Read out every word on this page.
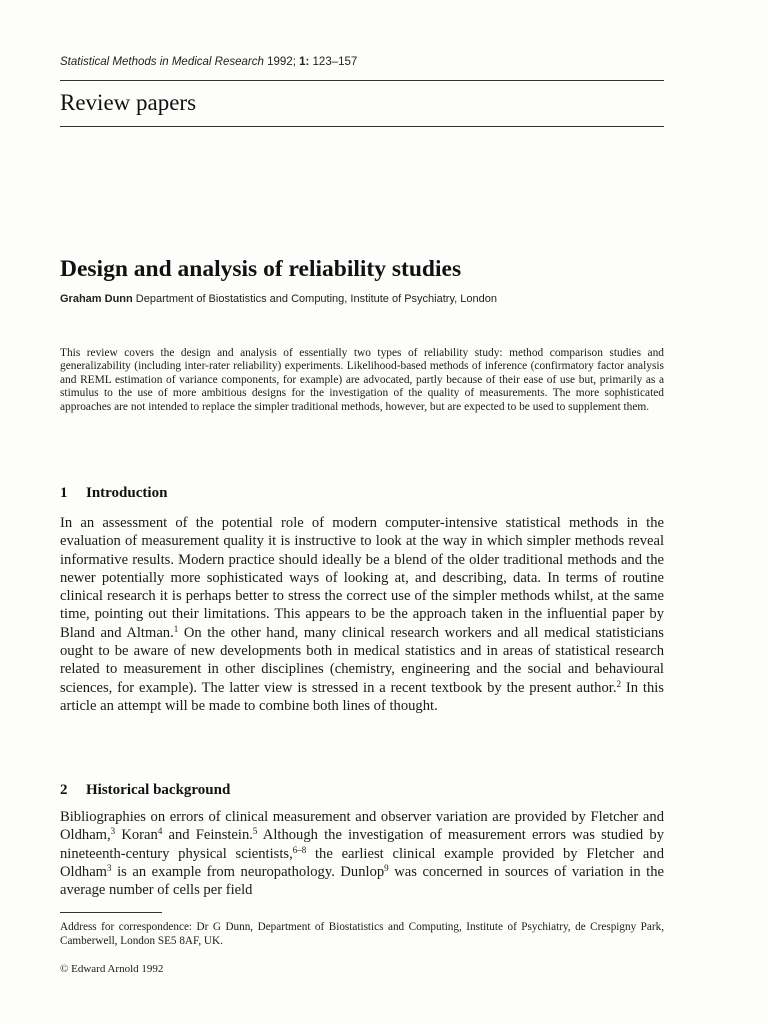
Statistical Methods in Medical Research 1992; 1: 123–157
Review papers
Design and analysis of reliability studies
Graham Dunn Department of Biostatistics and Computing, Institute of Psychiatry, London

This review covers the design and analysis of essentially two types of reliability study: method comparison studies and generalizability (including inter-rater reliability) experiments. Likelihood-based methods of inference (confirmatory factor analysis and REML estimation of variance components, for example) are advocated, partly because of their ease of use but, primarily as a stimulus to the use of more ambitious designs for the investigation of the quality of measurements. The more sophisticated approaches are not intended to replace the simpler traditional methods, however, but are expected to be used to supplement them.

1 Introduction

In an assessment of the potential role of modern computer-intensive statistical methods in the evaluation of measurement quality it is instructive to look at the way in which simpler methods reveal informative results. Modern practice should ideally be a blend of the older traditional methods and the newer potentially more sophisticated ways of looking at, and describing, data. In terms of routine clinical research it is perhaps better to stress the correct use of the simpler methods whilst, at the same time, pointing out their limitations. This appears to be the approach taken in the influential paper by Bland and Altman.$^1$ On the other hand, many clinical research workers and all medical statisticians ought to be aware of new developments both in medical statistics and in areas of statistical research related to measurement in other disciplines (chemistry, engineering and the social and behavioural sciences, for example). The latter view is stressed in a recent textbook by the present author.$^2$ In this article an attempt will be made to combine both lines of thought.

2 Historical background

Bibliographies on errors of clinical measurement and observer variation are provided by Fletcher and Oldham,$^3$ Koran$^4$ and Feinstein.$^5$ Although the investigation of measurement errors was studied by nineteenth-century physical scientists,$^{6-8}$ the earliest clinical example provided by Fletcher and Oldham$^3$ is an example from neuropathology. Dunlop$^9$ was concerned in sources of variation in the average number of cells per field

Address for correspondence: Dr G Dunn, Department of Biostatistics and Computing, Institute of Psychiatry, de Crespigny Park, Camberwell, London SE5 8AF, UK.

© Edward Arnold 1992
